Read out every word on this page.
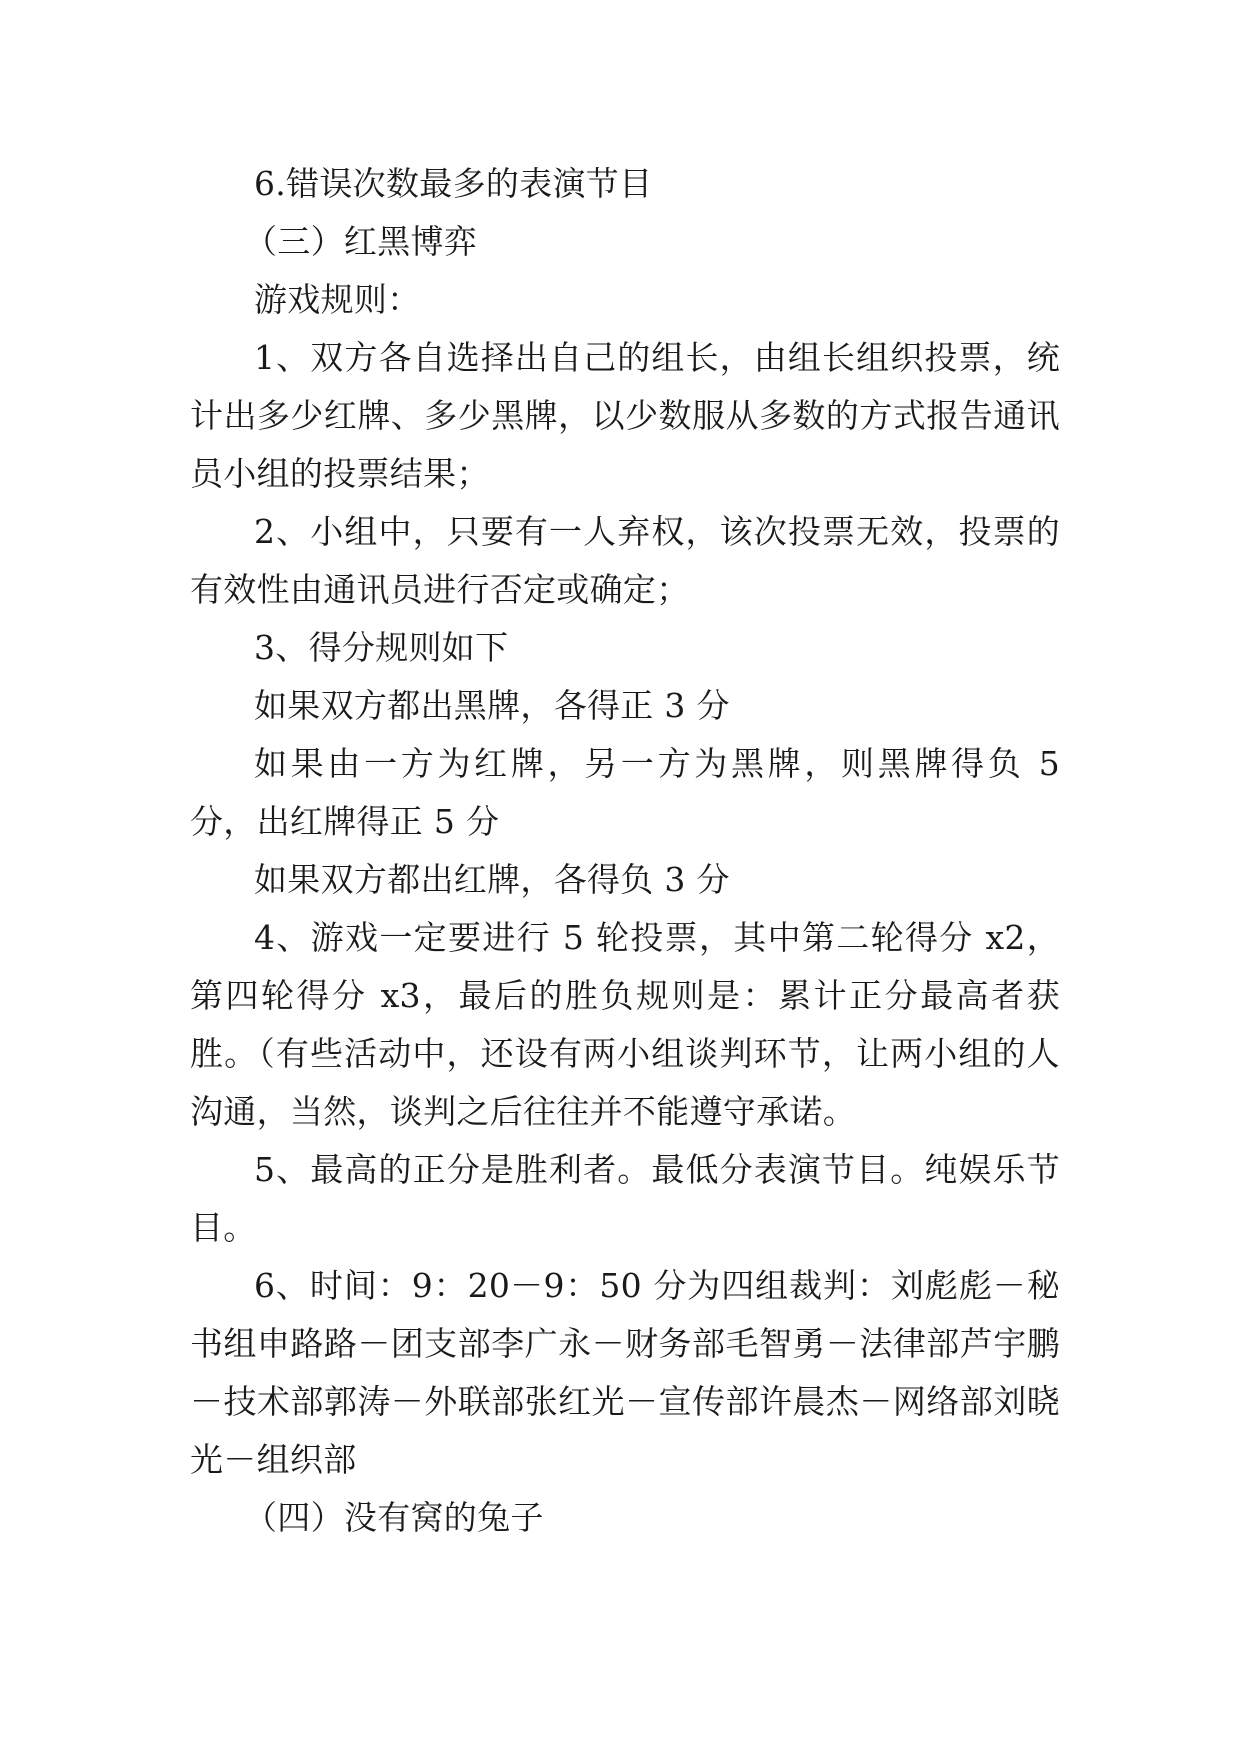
6.错误次数最多的表演节目

（三）红黑博弈

游戏规则：

1、双方各自选择出自己的组长，由组长组织投票，统计出多少红牌、多少黑牌，以少数服从多数的方式报告通讯员小组的投票结果；

2、小组中，只要有一人弃权，该次投票无效，投票的有效性由通讯员进行否定或确定；

3、得分规则如下

如果双方都出黑牌，各得正 3 分

如果由一方为红牌，另一方为黑牌，则黑牌得负 5 分，出红牌得正 5 分

如果双方都出红牌，各得负 3 分

4、游戏一定要进行 5 轮投票，其中第二轮得分 x2，第四轮得分 x3，最后的胜负规则是：累计正分最高者获胜。（有些活动中，还设有两小组谈判环节，让两小组的人沟通，当然，谈判之后往往并不能遵守承诺。

5、最高的正分是胜利者。最低分表演节目。纯娱乐节目。

6、时间：9：20－9：50 分为四组裁判：刘彪彪－秘书组申路路－团支部李广永－财务部毛智勇－法律部芦宇鹏－技术部郭涛－外联部张红光－宣传部许晨杰－网络部刘晓光－组织部

（四）没有窝的兔子
